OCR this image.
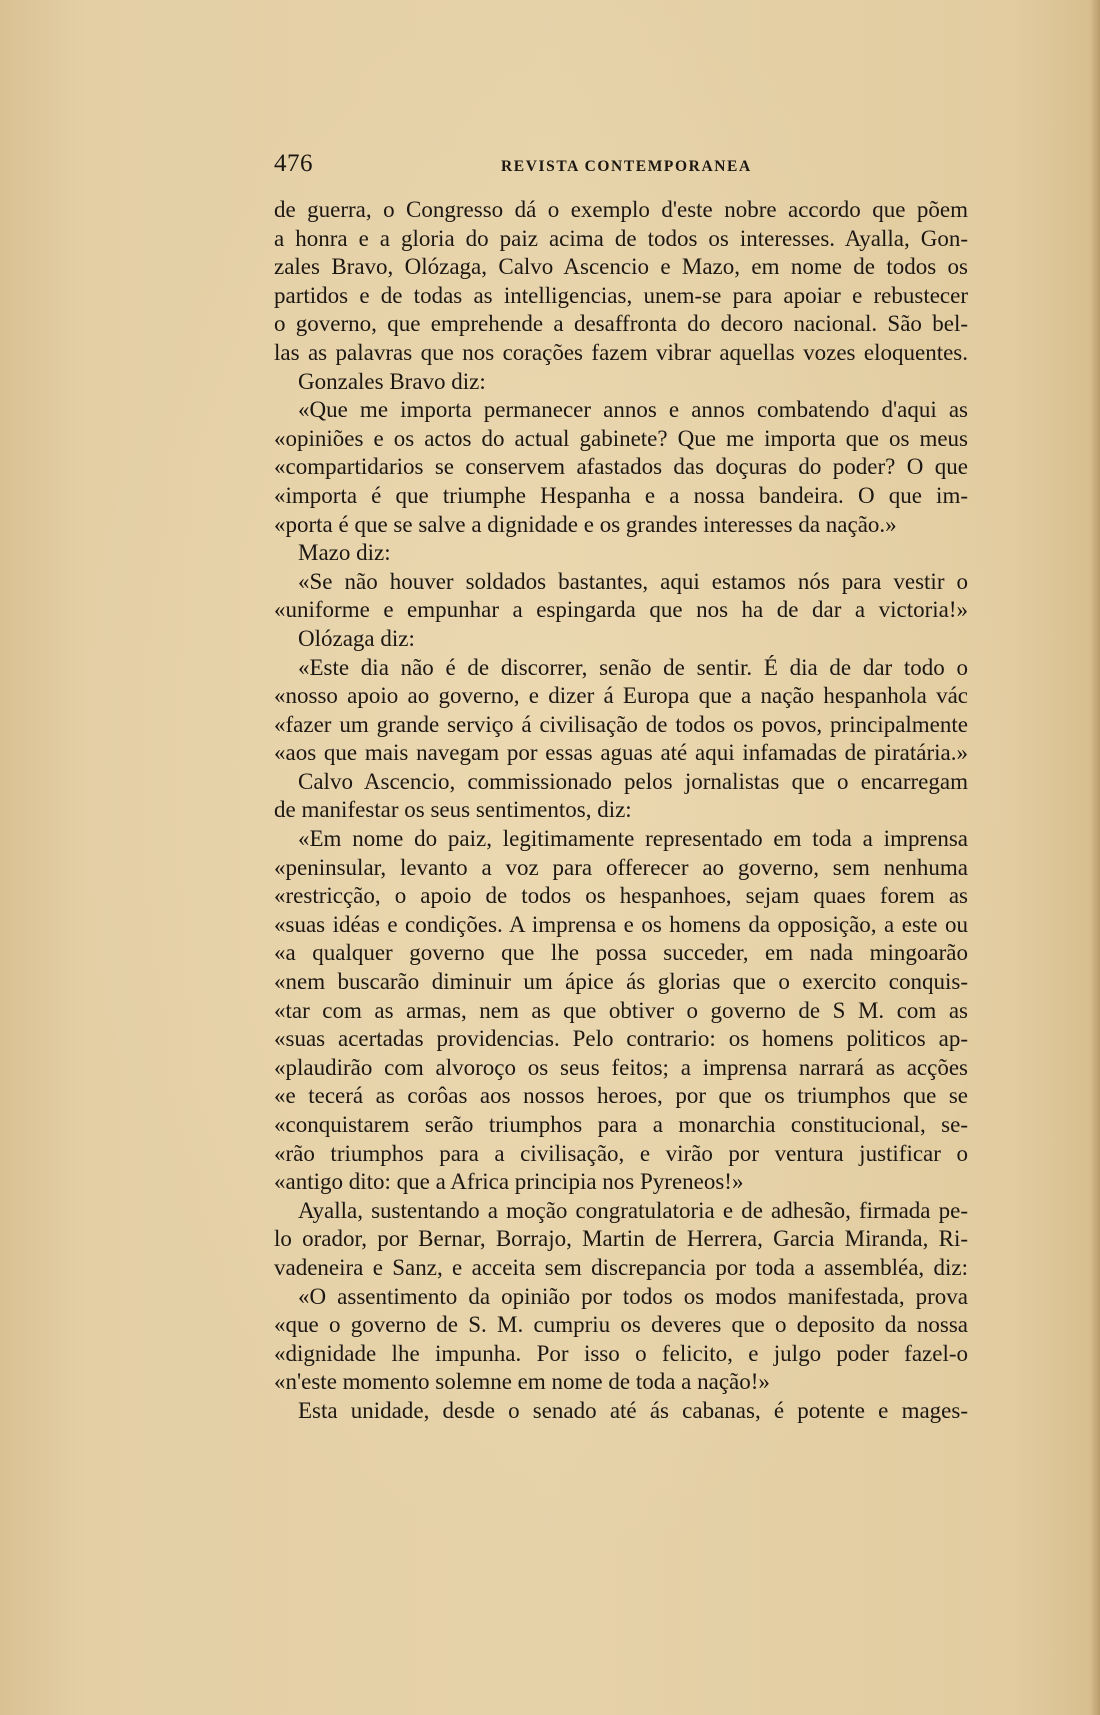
476	REVISTA CONTEMPORANEA
de guerra, o Congresso dá o exemplo d'este nobre accordo que põem
a honra e a gloria do paiz acima de todos os interesses. Ayalla, Gon-
zales Bravo, Olózaga, Calvo Ascencio e Mazo, em nome de todos os
partidos e de todas as intelligencias, unem-se para apoiar e rebustecer
o governo, que emprehende a desaffronta do decoro nacional. São bel-
las as palavras que nos corações fazem vibrar aquellas vozes eloquentes.
Gonzales Bravo diz:
«Que me importa permanecer annos e annos combatendo d'aqui as
«opiniões e os actos do actual gabinete? Que me importa que os meus
«compartidarios se conservem afastados das doçuras do poder? O que
«importa é que triumphe Hespanha e a nossa bandeira. O que im-
«porta é que se salve a dignidade e os grandes interesses da nação.»
Mazo diz:
«Se não houver soldados bastantes, aqui estamos nós para vestir o
«uniforme e empunhar a espingarda que nos ha de dar a victoria!»
Olózaga diz:
«Este dia não é de discorrer, senão de sentir. É dia de dar todo o
«nosso apoio ao governo, e dizer á Europa que a nação hespanhola vác
«fazer um grande serviço á civilisação de todos os povos, principalmente
«aos que mais navegam por essas aguas até aqui infamadas de piratária.»
Calvo Ascencio, commissionado pelos jornalistas que o encarregam
de manifestar os seus sentimentos, diz:
«Em nome do paiz, legitimamente representado em toda a imprensa
«peninsular, levanto a voz para offerecer ao governo, sem nenhuma
«restricção, o apoio de todos os hespanhoes, sejam quaes forem as
«suas idéas e condições. A imprensa e os homens da opposição, a este ou
«a qualquer governo que lhe possa succeder, em nada mingoarão
«nem buscarão diminuir um ápice ás glorias que o exercito conquis-
«tar com as armas, nem as que obtiver o governo de S M. com as
«suas acertadas providencias. Pelo contrario: os homens politicos ap-
«plaudirão com alvoroço os seus feitos; a imprensa narrará as acções
«e tecerá as corôas aos nossos heroes, por que os triumphos que se
«conquistarem serão triumphos para a monarchia constitucional, se-
«rão triumphos para a civilisação, e virão por ventura justificar o
«antigo dito: que a Africa principia nos Pyreneos!»
Ayalla, sustentando a moção congratulatoria e de adhesão, firmada pe-
lo orador, por Bernar, Borrajo, Martin de Herrera, Garcia Miranda, Ri-
vadeneira e Sanz, e acceita sem discrepancia por toda a assembléa, diz:
«O assentimento da opinião por todos os modos manifestada, prova
«que o governo de S. M. cumpriu os deveres que o deposito da nossa
«dignidade lhe impunha. Por isso o felicito, e julgo poder fazel-o
«n'este momento solemne em nome de toda a nação!»
Esta unidade, desde o senado até ás cabanas, é potente e mages-
